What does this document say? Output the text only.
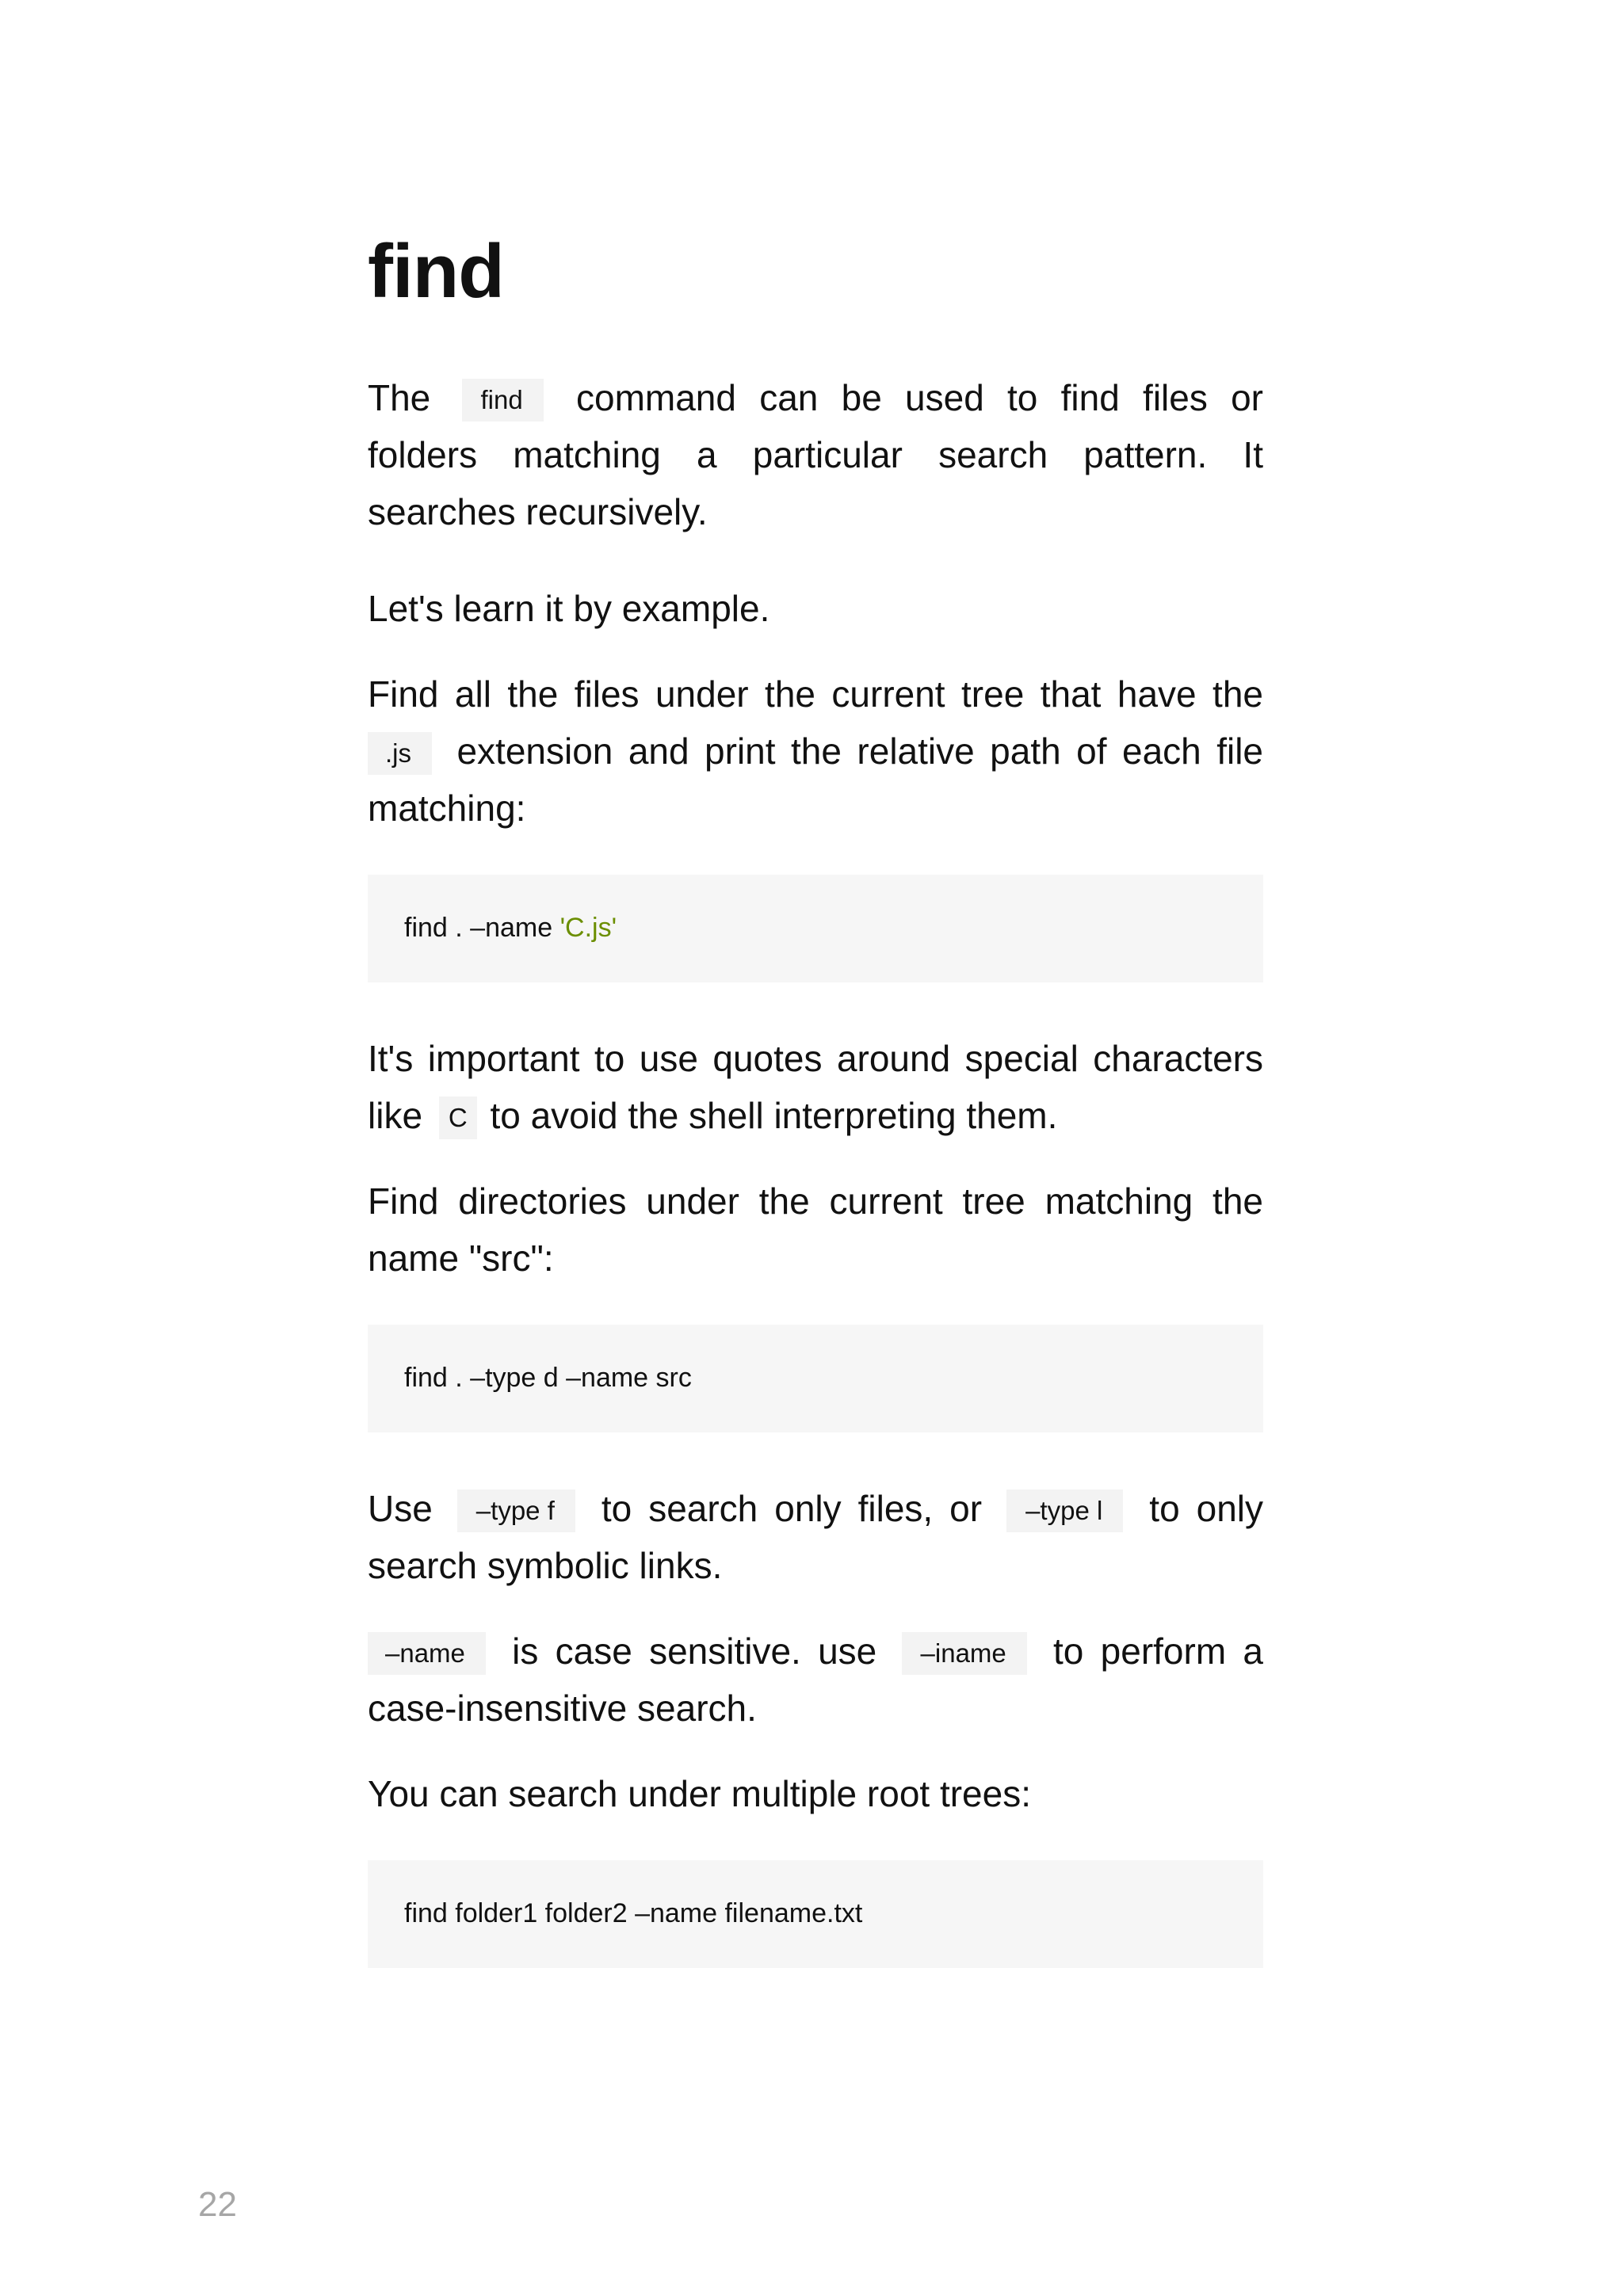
find

The find command can be used to find files or folders matching a particular search pattern. It searches recursively.

Let's learn it by example.

Find all the files under the current tree that have the .js extension and print the relative path of each file matching:

find . –name 'C.js'

It's important to use quotes around special characters like C to avoid the shell interpreting them.

Find directories under the current tree matching the name "src":

find . –type d –name src

Use –type f to search only files, or –type l to only search symbolic links.

–name is case sensitive. use –iname to perform a case-insensitive search.

You can search under multiple root trees:

find folder1 folder2 –name filename.txt
22
